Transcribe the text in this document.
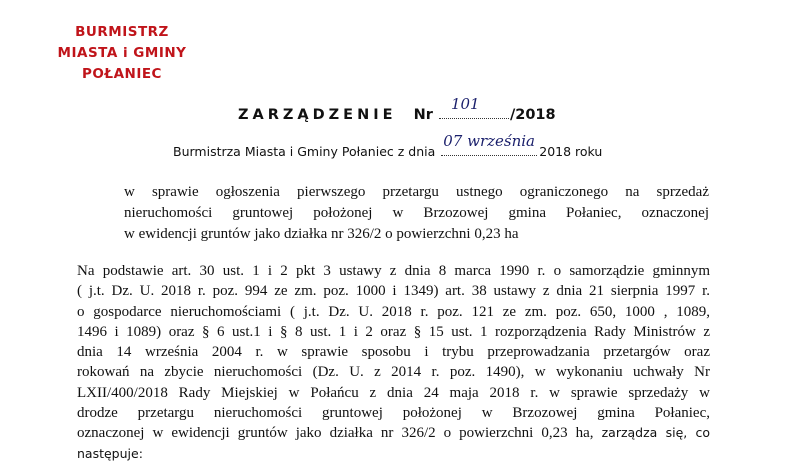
BURMISTRZ
MIASTA i GMINY
POŁANIEC
ZARZĄDZENIE Nr
101
/2018
Burmistrza Miasta i Gminy Połaniec z dnia
07 września
2018 roku
w sprawie ogłoszenia pierwszego przetargu ustnego ograniczonego na sprzedaż
nieruchomości gruntowej położonej w Brzozowej gmina Połaniec, oznaczonej
w ewidencji gruntów jako działka nr 326/2 o powierzchni 0,23 ha
Na podstawie art. 30 ust. 1 i 2 pkt 3 ustawy z dnia 8 marca 1990 r. o samorządzie gminnym
( j.t. Dz. U. 2018 r. poz. 994 ze zm. poz. 1000 i 1349) art. 38 ustawy z dnia 21 sierpnia 1997 r.
o gospodarce nieruchomościami ( j.t. Dz. U. 2018 r. poz. 121 ze zm. poz. 650, 1000 , 1089,
1496 i 1089) oraz § 6 ust.1 i § 8 ust. 1 i 2 oraz § 15 ust. 1 rozporządzenia Rady Ministrów z
dnia 14 września 2004 r. w sprawie sposobu i trybu przeprowadzania przetargów oraz
rokowań na zbycie nieruchomości (Dz. U. z 2014 r. poz. 1490), w wykonaniu uchwały Nr
LXII/400/2018 Rady Miejskiej w Połańcu z dnia 24 maja 2018 r. w sprawie sprzedaży w
drodze przetargu nieruchomości gruntowej położonej w Brzozowej gmina Połaniec,
oznaczonej w ewidencji gruntów jako działka nr 326/2 o powierzchni 0,23 ha, zarządza się, co
następuje:
